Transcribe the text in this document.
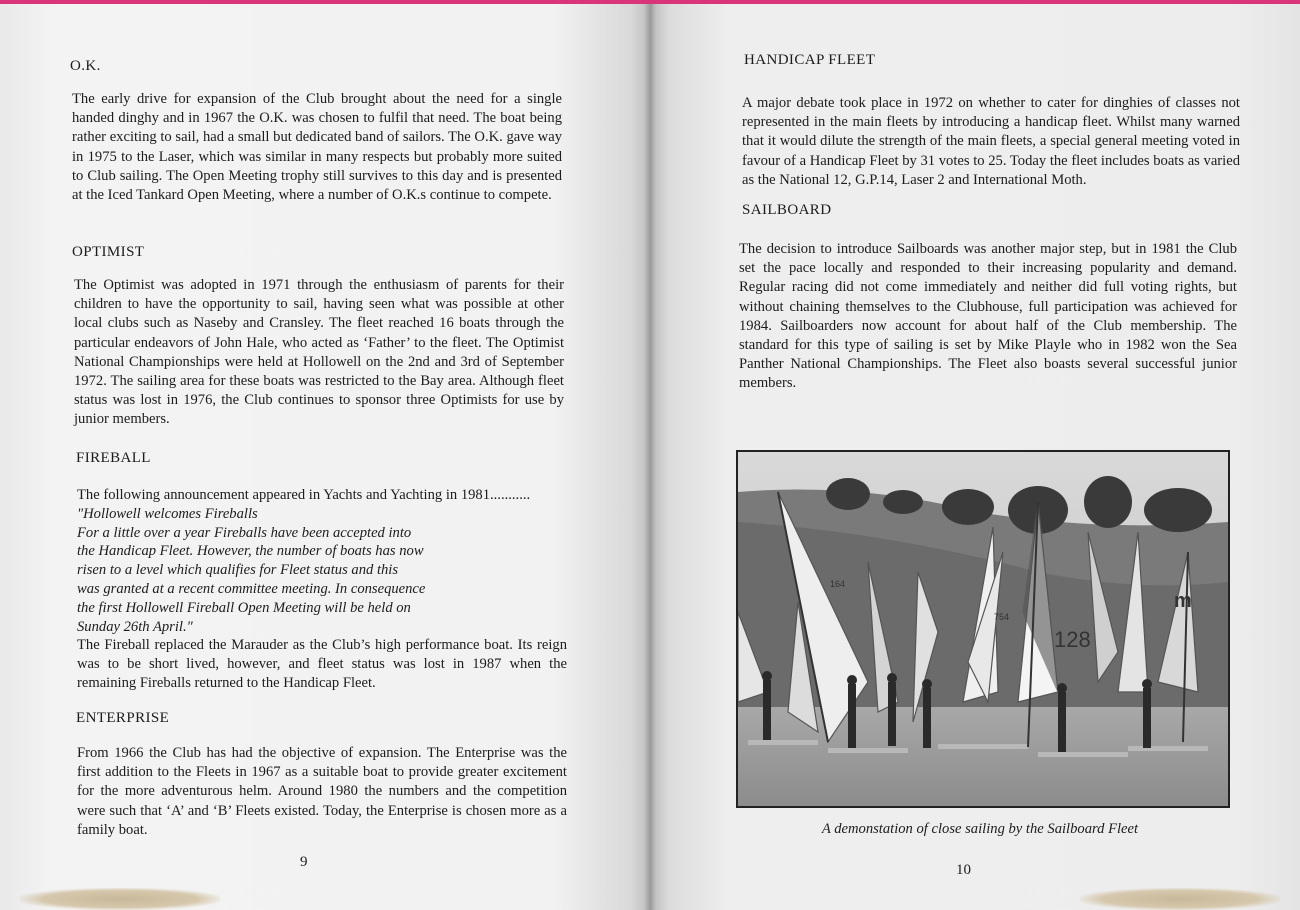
O.K.
The early drive for expansion of the Club brought about the need for a single handed dinghy and in 1967 the O.K. was chosen to fulfil that need. The boat being rather exciting to sail, had a small but dedicated band of sailors. The O.K. gave way in 1975 to the Laser, which was similar in many respects but probably more suited to Club sailing. The Open Meeting trophy still survives to this day and is presented at the Iced Tankard Open Meeting, where a number of O.K.s continue to compete.
OPTIMIST
The Optimist was adopted in 1971 through the enthusiasm of parents for their children to have the opportunity to sail, having seen what was possible at other local clubs such as Naseby and Cransley. The fleet reached 16 boats through the particular endeavors of John Hale, who acted as ‘Father’ to the fleet. The Optimist National Championships were held at Hollowell on the 2nd and 3rd of September 1972. The sailing area for these boats was restricted to the Bay area. Although fleet status was lost in 1976, the Club continues to sponsor three Optimists for use by junior members.
FIREBALL
The following announcement appeared in Yachts and Yachting in 1981...........
"Hollowell welcomes Fireballs
For a little over a year Fireballs have been accepted into
the Handicap Fleet. However, the number of boats has now
risen to a level which qualifies for Fleet status and this
was granted at a recent committee meeting. In consequence
the first Hollowell Fireball Open Meeting will be held on
Sunday 26th April."
The Fireball replaced the Marauder as the Club’s high performance boat. Its reign was to be short lived, however, and fleet status was lost in 1987 when the remaining Fireballs returned to the Handicap Fleet.
ENTERPRISE
From 1966 the Club has had the objective of expansion. The Enterprise was the first addition to the Fleets in 1967 as a suitable boat to provide greater excitement for the more adventurous helm. Around 1980 the numbers and the competition were such that ‘A’ and ‘B’ Fleets existed. Today, the Enterprise is chosen more as a family boat.
9
HANDICAP FLEET
A major debate took place in 1972 on whether to cater for dinghies of classes not represented in the main fleets by introducing a handicap fleet. Whilst many warned that it would dilute the strength of the main fleets, a special general meeting voted in favour of a Handicap Fleet by 31 votes to 25. Today the fleet includes boats as varied as the National 12, G.P.14, Laser 2 and International Moth.
SAILBOARD
The decision to introduce Sailboards was another major step, but in 1981 the Club set the pace locally and responded to their increasing popularity and demand. Regular racing did not come immediately and neither did full voting rights, but without chaining themselves to the Clubhouse, full participation was achieved for 1984. Sailboarders now account for about half of the Club membership. The standard for this type of sailing is set by Mike Playle who in 1982 won the Sea Panther National Championships. The Fleet also boasts several successful junior members.
10
164
754
128
m
A demonstation of close sailing by the Sailboard Fleet
